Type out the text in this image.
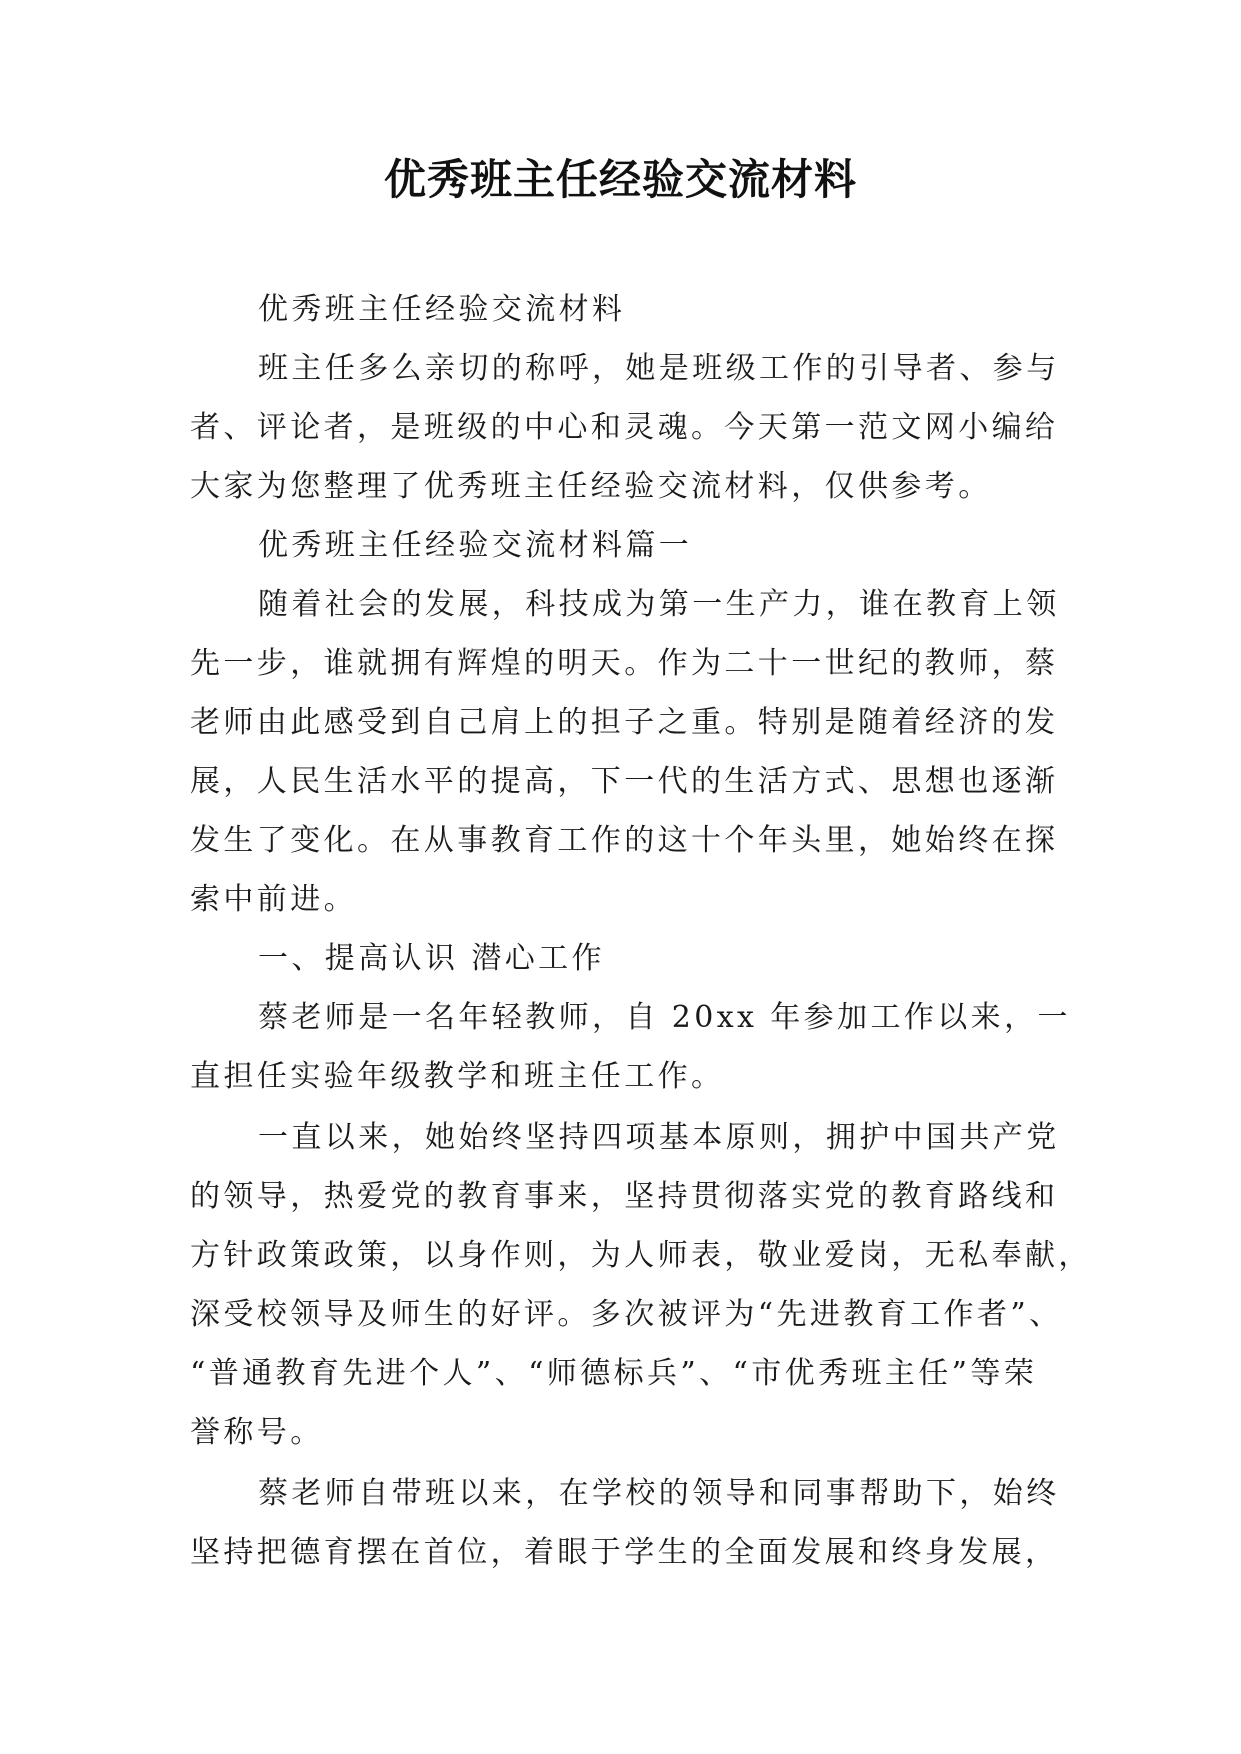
优秀班主任经验交流材料
优秀班主任经验交流材料
班主任多么亲切的称呼，她是班级工作的引导者、参与
者、评论者，是班级的中心和灵魂。今天第一范文网小编给
大家为您整理了优秀班主任经验交流材料，仅供参考。
优秀班主任经验交流材料篇一
随着社会的发展，科技成为第一生产力，谁在教育上领
先一步，谁就拥有辉煌的明天。作为二十一世纪的教师，蔡
老师由此感受到自己肩上的担子之重。特别是随着经济的发
展，人民生活水平的提高，下一代的生活方式、思想也逐渐
发生了变化。在从事教育工作的这十个年头里，她始终在探
索中前进。
一、提高认识 潜心工作
蔡老师是一名年轻教师，自 20xx 年参加工作以来，一
直担任实验年级教学和班主任工作。
一直以来，她始终坚持四项基本原则，拥护中国共产党
的领导，热爱党的教育事来，坚持贯彻落实党的教育路线和
方针政策政策，以身作则，为人师表，敬业爱岗，无私奉献，
深受校领导及师生的好评。多次被评为“先进教育工作者”、
“普通教育先进个人”、“师德标兵”、“市优秀班主任”等荣
誉称号。
蔡老师自带班以来，在学校的领导和同事帮助下，始终
坚持把德育摆在首位，着眼于学生的全面发展和终身发展，
